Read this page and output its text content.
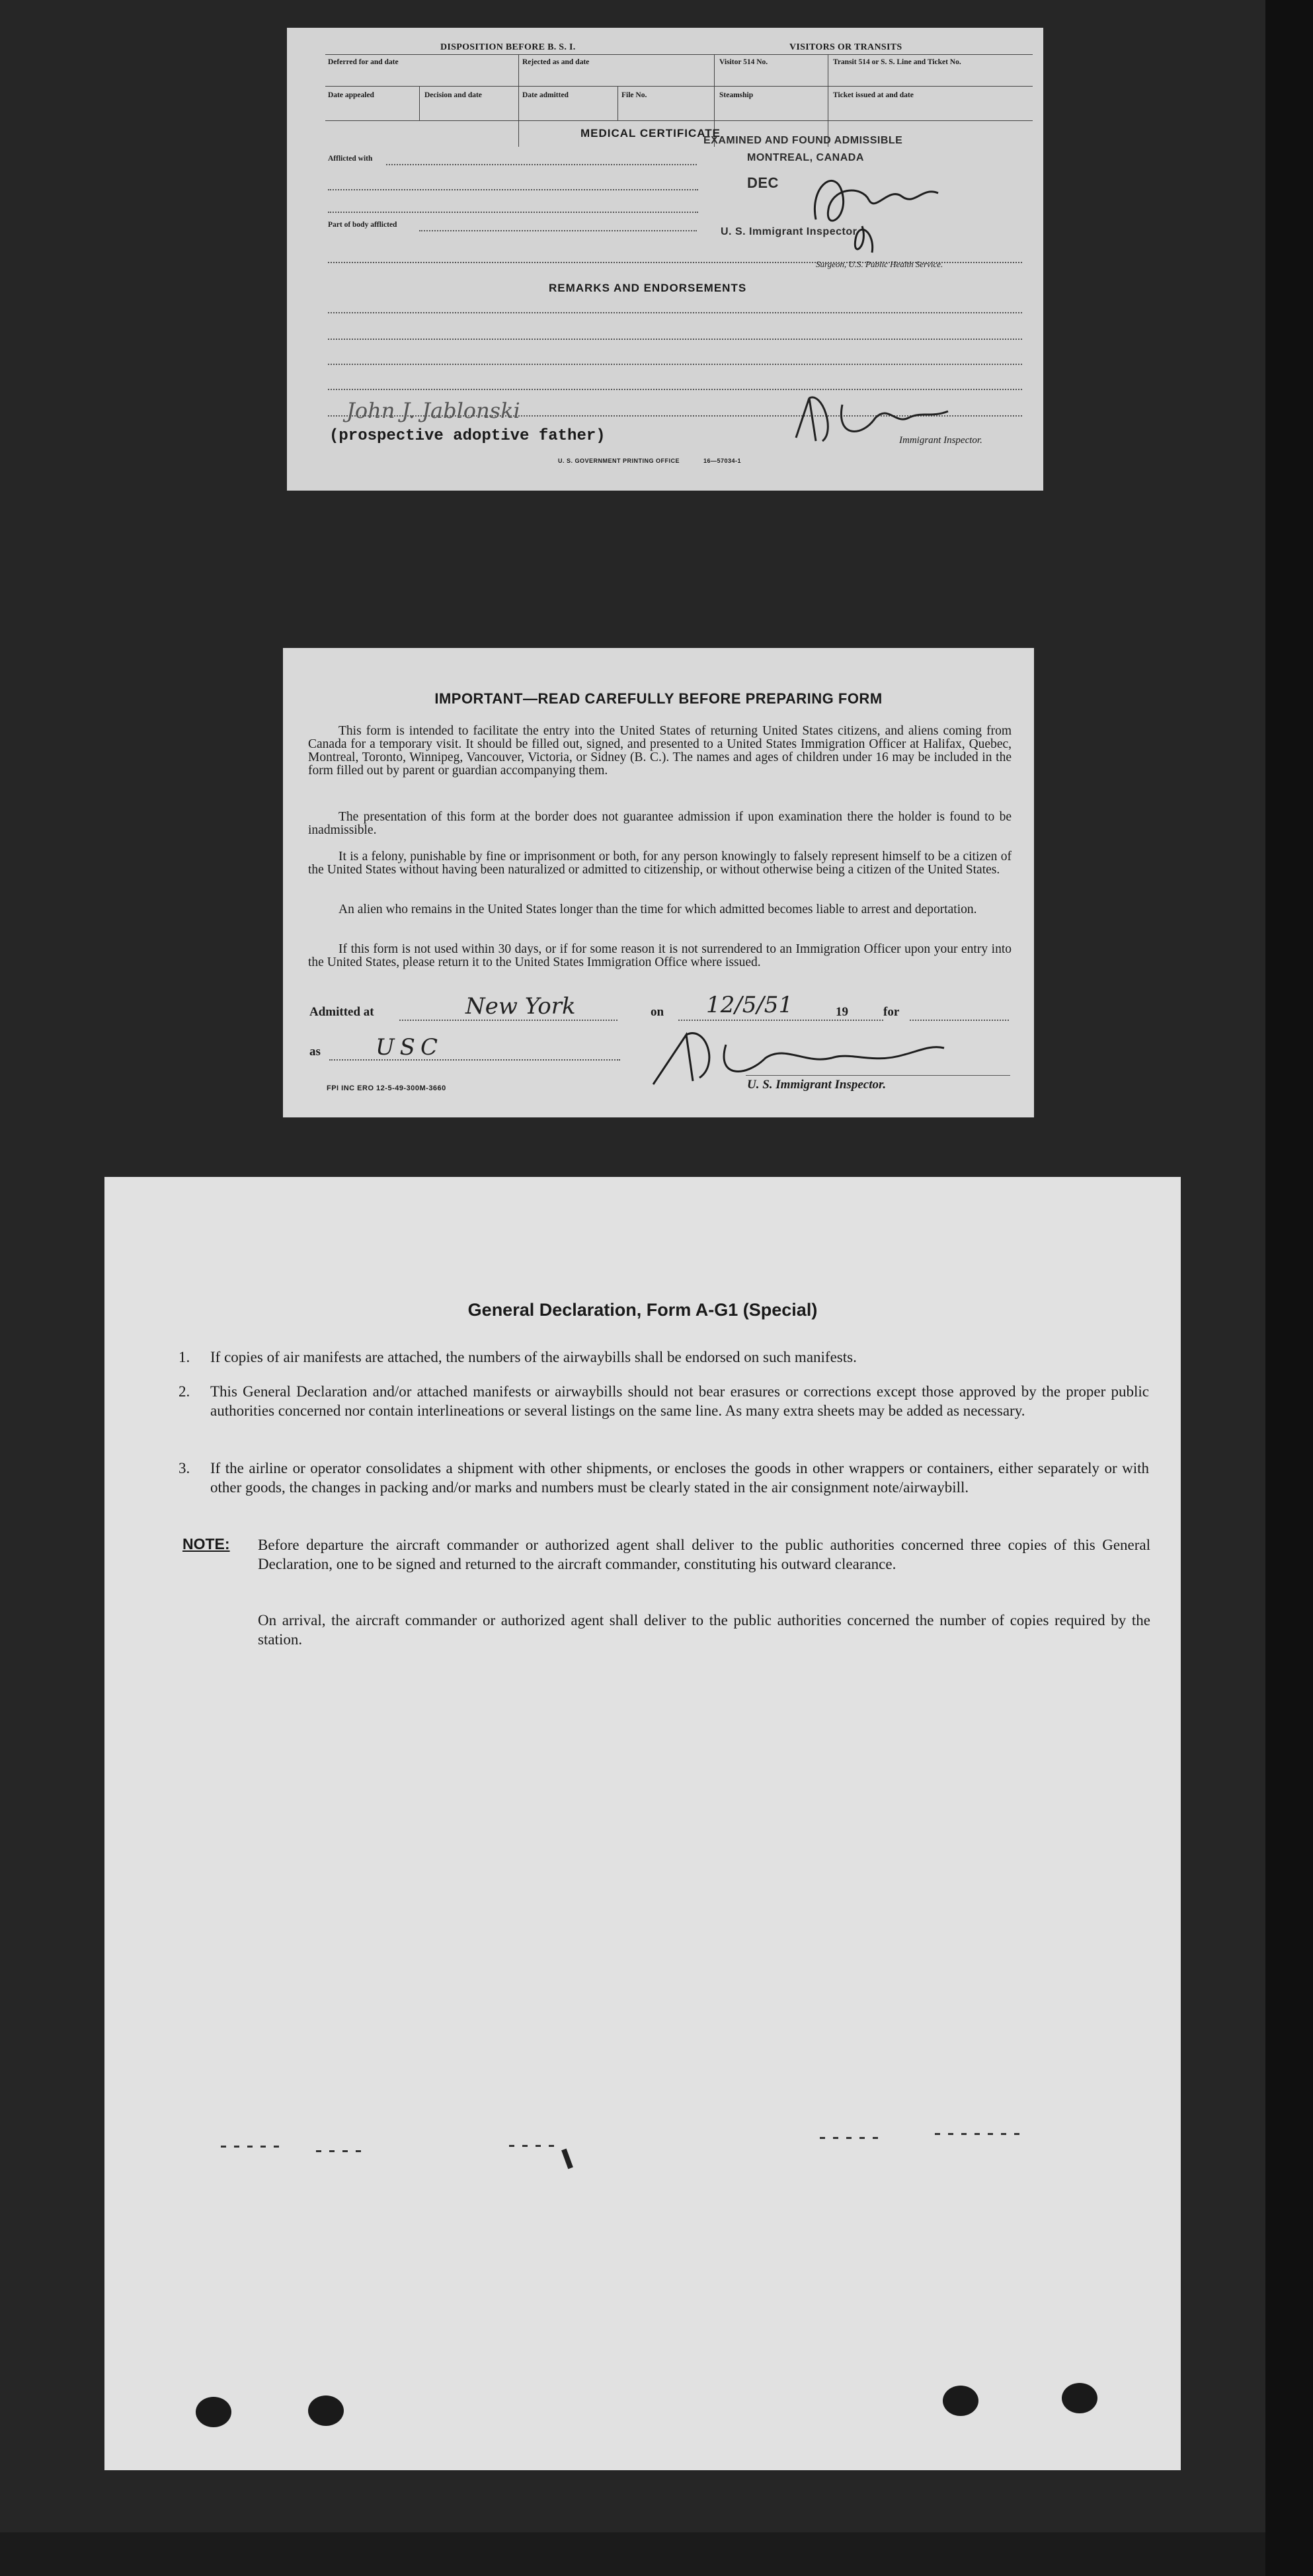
DISPOSITION BEFORE B. S. I.	VISITORS OR TRANSITS
Deferred for and date	Rejected as and date	Visitor 514 No.	Transit 514 or S. S. Line and Ticket No.
Date appealed	Decision and date	Date admitted	File No.	Steamship	Ticket issued at and date
MEDICAL CERTIFICATE
EXAMINED AND FOUND ADMISSIBLE
MONTREAL, CANADA
DEC
U. S. Immigrant Inspector
Afflicted with
Part of body afflicted
Surgeon, U.S. Public Health Service.
REMARKS AND ENDORSEMENTS
John J. Jablonski
(prospective adoptive father)	Immigrant Inspector.
U. S. GOVERNMENT PRINTING OFFICE	16—57034-1
IMPORTANT—READ CAREFULLY BEFORE PREPARING FORM
This form is intended to facilitate the entry into the United States of returning United States citizens, and aliens coming from Canada for a temporary visit. It should be filled out, signed, and presented to a United States Immigration Officer at Halifax, Quebec, Montreal, Toronto, Winnipeg, Vancouver, Victoria, or Sidney (B. C.). The names and ages of children under 16 may be included in the form filled out by parent or guardian accompanying them.
The presentation of this form at the border does not guarantee admission if upon examination there the holder is found to be inadmissible.
It is a felony, punishable by fine or imprisonment or both, for any person knowingly to falsely represent himself to be a citizen of the United States without having been naturalized or admitted to citizenship, or without otherwise being a citizen of the United States.
An alien who remains in the United States longer than the time for which admitted becomes liable to arrest and deportation.
If this form is not used within 30 days, or if for some reason it is not surrendered to an Immigration Officer upon your entry into the United States, please return it to the United States Immigration Office where issued.
Admitted at	New York	on 12/5/51	19	for
as USC
U. S. Immigrant Inspector.
FPI INC ERO 12-5-49-300M-3660
General Declaration, Form A-G1 (Special)
1. If copies of air manifests are attached, the numbers of the airwaybills shall be endorsed on such manifests.
2. This General Declaration and/or attached manifests or airwaybills should not bear erasures or corrections except those approved by the proper public authorities concerned nor contain interlineations or several listings on the same line. As many extra sheets may be added as necessary.
3. If the airline or operator consolidates a shipment with other shipments, or encloses the goods in other wrappers or containers, either separately or with other goods, the changes in packing and/or marks and numbers must be clearly stated in the air consignment note/airwaybill.
NOTE: Before departure the aircraft commander or authorized agent shall deliver to the public authorities concerned three copies of this General Declaration, one to be signed and returned to the aircraft commander, constituting his outward clearance.
On arrival, the aircraft commander or authorized agent shall deliver to the public authorities concerned the number of copies required by the station.
